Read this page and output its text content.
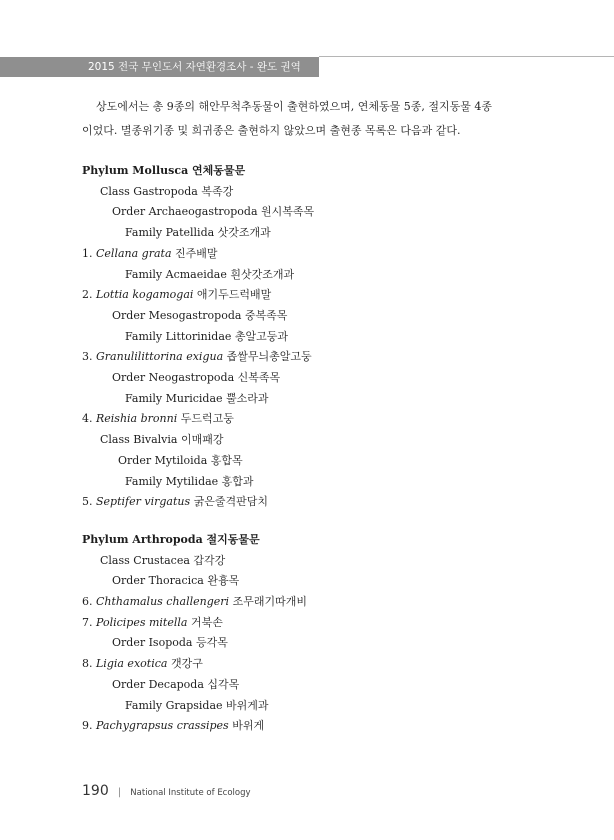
2015 전국 무인도서 자연환경조사 - 완도 권역

상도에서는 총 9종의 해안무척추동물이 출현하였으며, 연체동물 5종, 절지동물 4종
이었다. 멸종위기종 및 희귀종은 출현하지 않았으며 출현종 목록은 다음과 같다.

Phylum Mollusca 연체동물문
Class Gastropoda 복족강
Order Archaeogastropoda 원시복족목
Family Patellida 삿갓조개과
1. Cellana grata 진주배말
Family Acmaeidae 흰삿갓조개과
2. Lottia kogamogai 애기두드럭배말
Order Mesogastropoda 중복족목
Family Littorinidae 총알고둥과
3. Granulilittorina exigua 좁쌀무늬총알고둥
Order Neogastropoda 신복족목
Family Muricidae 뿔소라과
4. Reishia bronni 두드럭고둥
Class Bivalvia 이매패강
Order Mytiloida 홍합목
Family Mytilidae 홍합과
5. Septifer virgatus 굵은줄격판담치
Phylum Arthropoda 절지동물문
Class Crustacea 갑각강
Order Thoracica 완흉목
6. Chthamalus challengeri 조무래기따개비
7. Policipes mitella 거북손
Order Isopoda 등각목
8. Ligia exotica 갯강구
Order Decapoda 십각목
Family Grapsidae 바위게과
9. Pachygrapsus crassipes 바위게
190 | National Institute of Ecology
